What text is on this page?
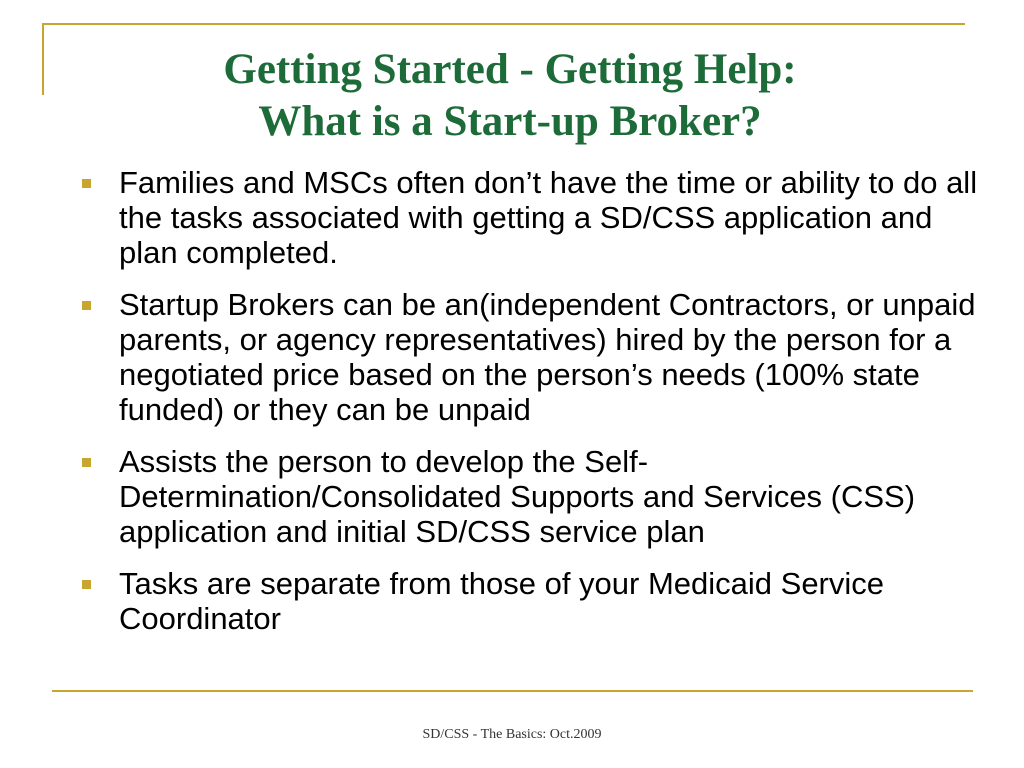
Getting Started - Getting Help:
What is a Start-up Broker?
Families and MSCs often don’t have the time or ability to do all the tasks associated with getting a SD/CSS application and plan completed.
Startup Brokers can be an(independent Contractors, or unpaid parents, or agency representatives) hired by the person for a negotiated price based on the person’s needs (100% state funded) or they can be unpaid
Assists the person to develop the Self-Determination/Consolidated Supports and Services (CSS) application and initial SD/CSS service plan
Tasks are separate from those of your Medicaid Service Coordinator
SD/CSS - The Basics: Oct.2009
